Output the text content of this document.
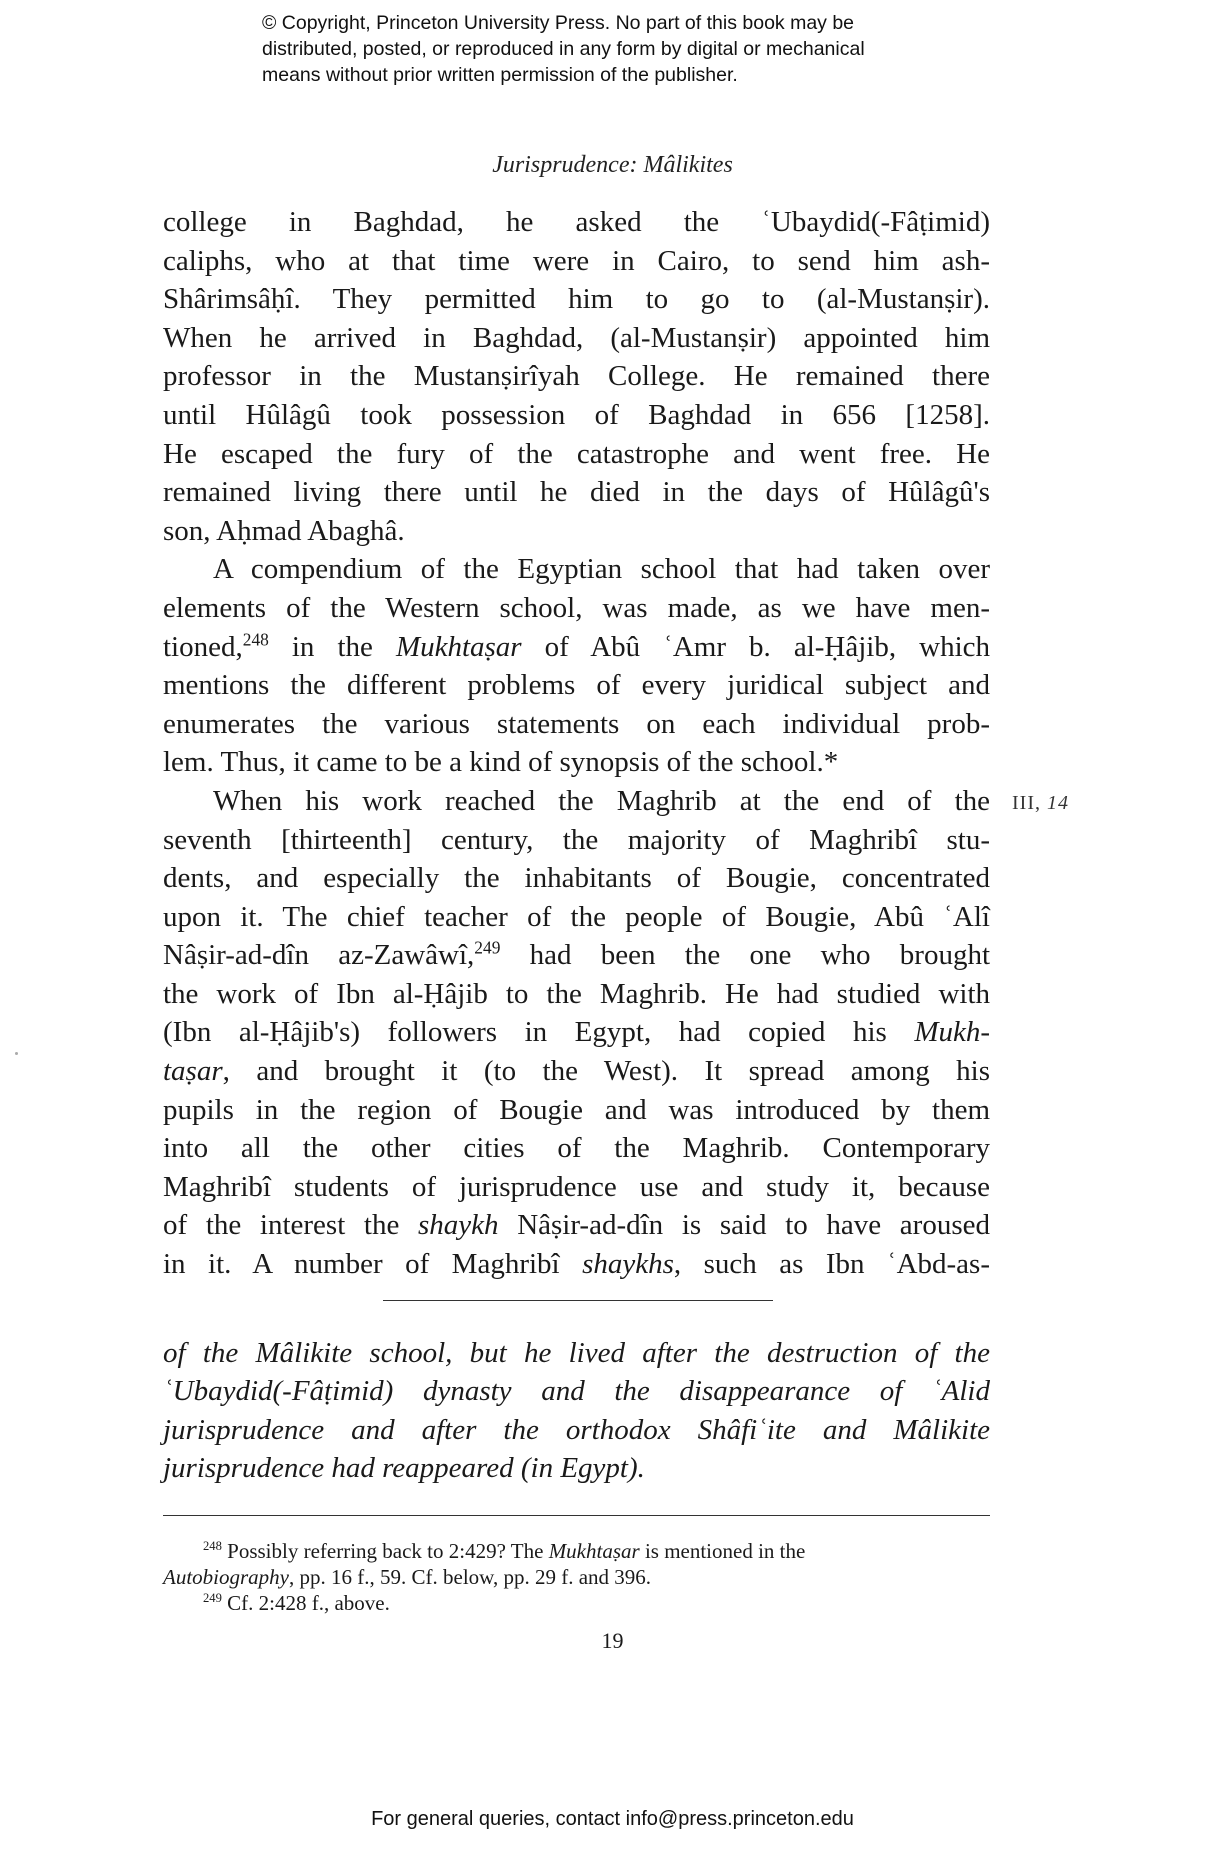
© Copyright, Princeton University Press. No part of this book may be
distributed, posted, or reproduced in any form by digital or mechanical
means without prior written permission of the publisher.
Jurisprudence: Mâlikites

college in Baghdad, he asked the ʿUbaydid(-Fâṭimid)
caliphs, who at that time were in Cairo, to send him ash-
Shârimsâḥî. They permitted him to go to (al-Mustanṣir).
When he arrived in Baghdad, (al-Mustanṣir) appointed him
professor in the Mustanṣirîyah College. He remained there
until Hûlâgû took possession of Baghdad in 656 [1258].
He escaped the fury of the catastrophe and went free. He
remained living there until he died in the days of Hûlâgû's
son, Aḥmad Abaghâ.

A compendium of the Egyptian school that had taken over
elements of the Western school, was made, as we have men-
tioned,$^{248}$ in the Mukhtaṣar of Abû ʿAmr b. al-Ḥâjib, which
mentions the different problems of every juridical subject and
enumerates the various statements on each individual prob-
lem. Thus, it came to be a kind of synopsis of the school.*

When his work reached the Maghrib at the end of the
seventh [thirteenth] century, the majority of Maghribî stu-
dents, and especially the inhabitants of Bougie, concentrated
upon it. The chief teacher of the people of Bougie, Abû ʿAlî
Nâṣir-ad-dîn az-Zawâwî,$^{249}$ had been the one who brought
the work of Ibn al-Ḥâjib to the Maghrib. He had studied with
(Ibn al-Ḥâjib's) followers in Egypt, had copied his Mukh-
taṣar, and brought it (to the West). It spread among his
pupils in the region of Bougie and was introduced by them
into all the other cities of the Maghrib. Contemporary
Maghribî students of jurisprudence use and study it, because
of the interest the shaykh Nâṣir-ad-dîn is said to have aroused
in it. A number of Maghribî shaykhs, such as Ibn ʿAbd-as-

III, 14
of the Mâlikite school, but he lived after the destruction of the
ʿUbaydid(-Fâṭimid) dynasty and the disappearance of ʿAlid
jurisprudence and after the orthodox Shâfiʿite and Mâlikite
jurisprudence had reappeared (in Egypt).
$^{248}$ Possibly referring back to 2:429? The Mukhtaṣar is mentioned in the
Autobiography, pp. 16 f., 59. Cf. below, pp. 29 f. and 396.
$^{249}$ Cf. 2:428 f., above.
19
For general queries, contact info@press.princeton.edu
